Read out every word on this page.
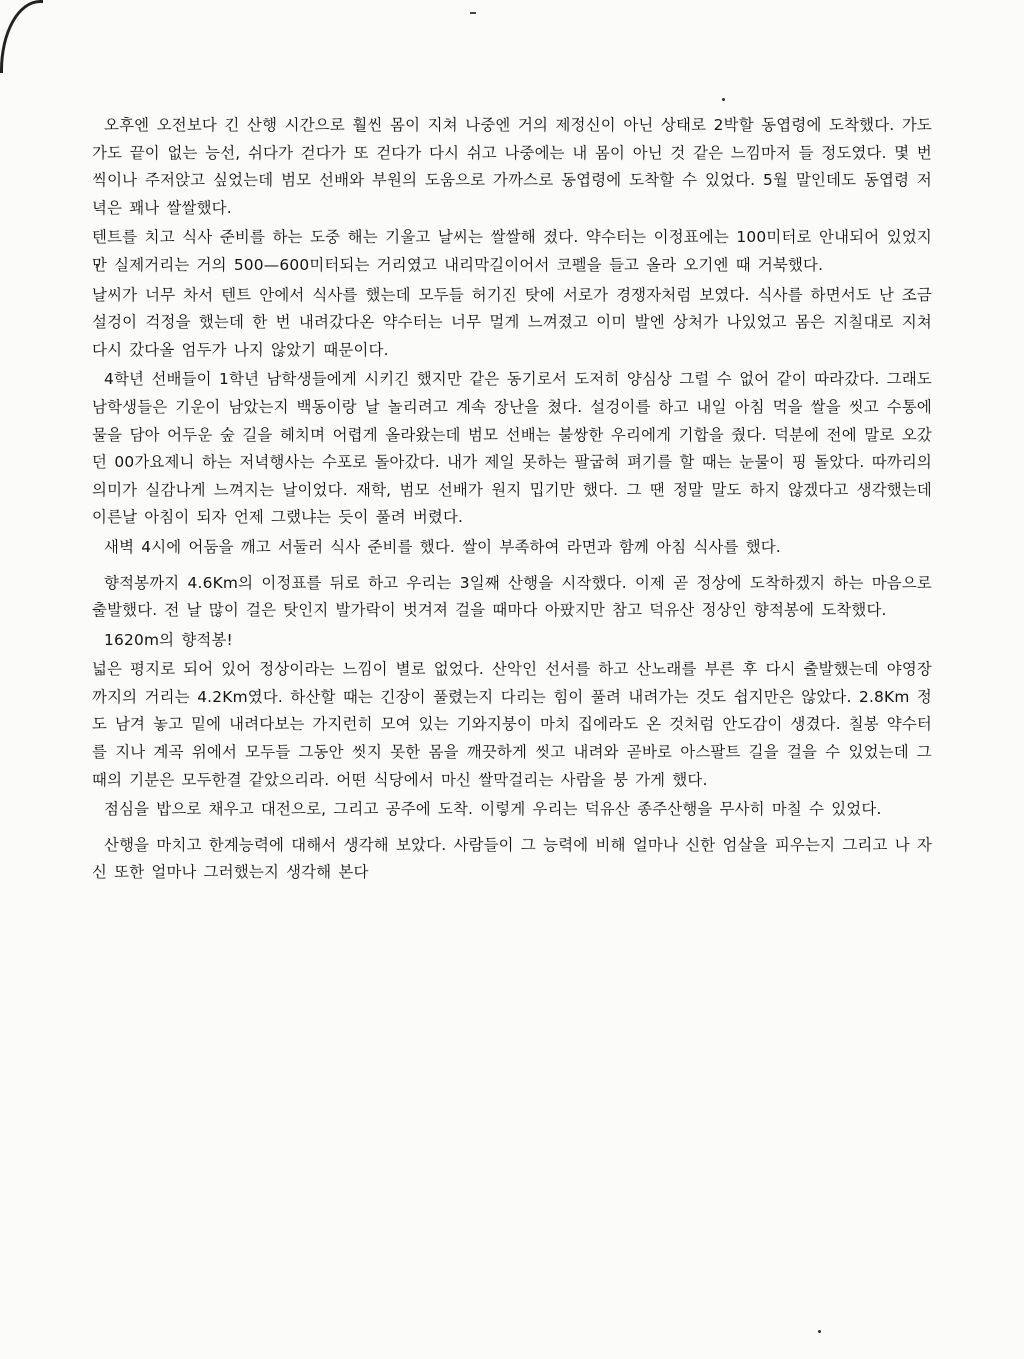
오후엔 오전보다 긴 산행 시간으로 훨씬 몸이 지쳐 나중엔 거의 제정신이 아닌 상태로 2박할 동엽령에 도착했다. 가도 가도 끝이 없는 능선, 쉬다가 걷다가 또 걷다가 다시 쉬고 나중에는 내 몸이 아닌 것 같은 느낌마저 들 정도였다. 몇 번씩이나 주저앉고 싶었는데 범모 선배와 부원의 도움으로 가까스로 동엽령에 도착할 수 있었다. 5월 말인데도 동엽령 저녁은 꽤나 쌀쌀했다.

텐트를 치고 식사 준비를 하는 도중 해는 기울고 날씨는 쌀쌀해 졌다. 약수터는 이정표에는 100미터로 안내되어 있었지만 실제거리는 거의 500—600미터되는 거리였고 내리막길이어서 코펠을 들고 올라 오기엔 때 거북했다.

날씨가 너무 차서 텐트 안에서 식사를 했는데 모두들 허기진 탓에 서로가 경쟁자처럼 보였다. 식사를 하면서도 난 조금 설겅이 걱정을 했는데 한 번 내려갔다온 약수터는 너무 멀게 느껴졌고 이미 발엔 상처가 나있었고 몸은 지칠대로 지쳐 다시 갔다올 엄두가 나지 않았기 때문이다.

4학년 선배들이 1학년 남학생들에게 시키긴 했지만 같은 동기로서 도저히 양심상 그럴 수 없어 같이 따라갔다. 그래도 남학생들은 기운이 남았는지 백동이랑 날 놀리려고 계속 장난을 쳤다. 설겅이를 하고 내일 아침 먹을 쌀을 씻고 수통에 물을 담아 어두운 숲 길을 헤치며 어렵게 올라왔는데 범모 선배는 불쌍한 우리에게 기합을 줬다. 덕분에 전에 말로 오갔던 00가요제니 하는 저녁행사는 수포로 돌아갔다. 내가 제일 못하는 팔굽혀 펴기를 할 때는 눈물이 핑 돌았다. 따까리의 의미가 실감나게 느껴지는 날이었다. 재학, 범모 선배가 원지 밉기만 했다. 그 땐 정말 말도 하지 않겠다고 생각했는데 이른날 아침이 되자 언제 그랬냐는 듯이 풀려 버렸다.

새벽 4시에 어둠을 깨고 서둘러 식사 준비를 했다. 쌀이 부족하여 라면과 함께 아침 식사를 했다.

향적봉까지 4.6Km의 이정표를 뒤로 하고 우리는 3일째 산행을 시작했다. 이제 곧 정상에 도착하겠지 하는 마음으로 출발했다. 전 날 많이 걸은 탓인지 발가락이 벗겨져 걸을 때마다 아팠지만 참고 덕유산 정상인 향적봉에 도착했다.

1620m의 향적봉!

넓은 평지로 되어 있어 정상이라는 느낌이 별로 없었다. 산악인 선서를 하고 산노래를 부른 후 다시 출발했는데 야영장 까지의 거리는 4.2Km였다. 하산할 때는 긴장이 풀렸는지 다리는 힘이 풀려 내려가는 것도 쉽지만은 않았다. 2.8Km 정도 남겨 놓고 밑에 내려다보는 가지런히 모여 있는 기와지붕이 마치 집에라도 온 것처럼 안도감이 생겼다. 칠봉 약수터를 지나 계곡 위에서 모두들 그동안 씻지 못한 몸을 깨끗하게 씻고 내려와 곧바로 아스팔트 길을 걸을 수 있었는데 그 때의 기분은 모두한결 같았으리라. 어떤 식당에서 마신 쌀막걸리는 사람을 붕 가게 했다.

점심을 밥으로 채우고 대전으로, 그리고 공주에 도착. 이렇게 우리는 덕유산 종주산행을 무사히 마칠 수 있었다.

산행을 마치고 한계능력에 대해서 생각해 보았다. 사람들이 그 능력에 비해 얼마나 신한 엄살을 피우는지 그리고 나 자신 또한 얼마나 그러했는지 생각해 본다
